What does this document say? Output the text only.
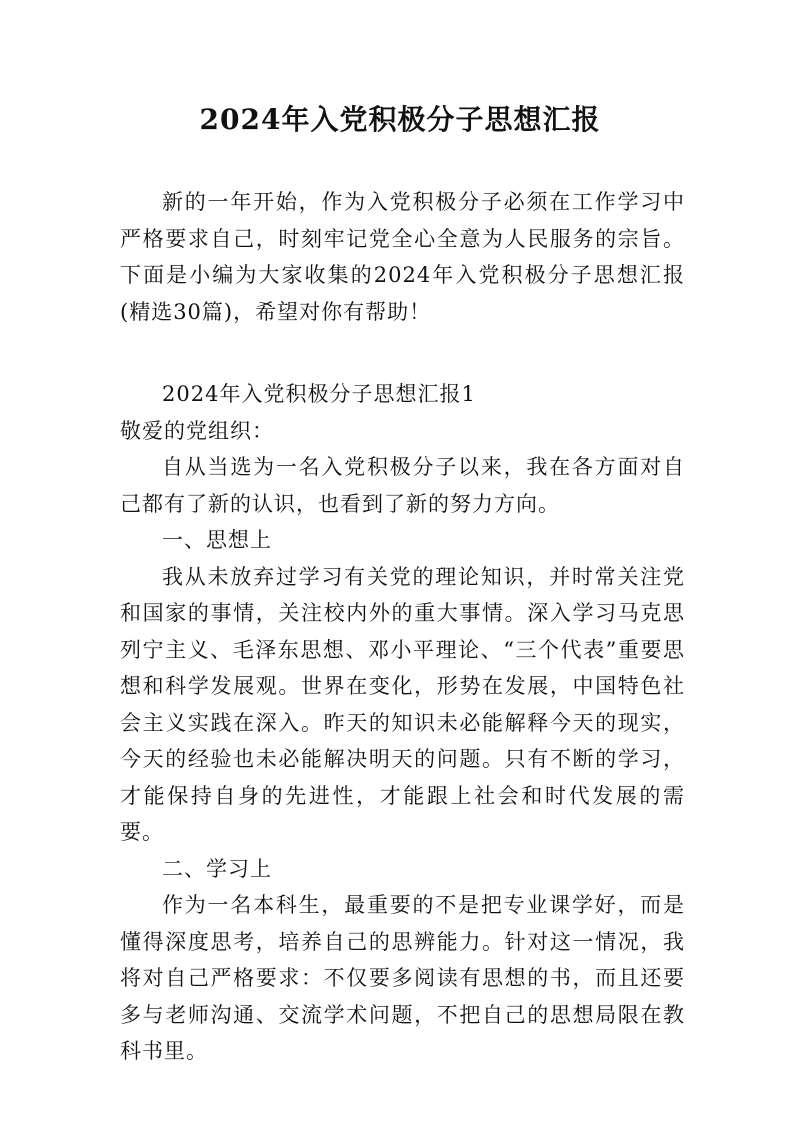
2024年入党积极分子思想汇报

新的一年开始，作为入党积极分子必须在工作学习中严格要求自己，时刻牢记党全心全意为人民服务的宗旨。下面是小编为大家收集的2024年入党积极分子思想汇报(精选30篇)，希望对你有帮助！

2024年入党积极分子思想汇报1

敬爱的党组织：

自从当选为一名入党积极分子以来，我在各方面对自己都有了新的认识，也看到了新的努力方向。

一、思想上

我从未放弃过学习有关党的理论知识，并时常关注党和国家的事情，关注校内外的重大事情。深入学习马克思列宁主义、毛泽东思想、邓小平理论、“三个代表”重要思想和科学发展观。世界在变化，形势在发展，中国特色社会主义实践在深入。昨天的知识未必能解释今天的现实，今天的经验也未必能解决明天的问题。只有不断的学习，才能保持自身的先进性，才能跟上社会和时代发展的需要。

二、学习上

作为一名本科生，最重要的不是把专业课学好，而是懂得深度思考，培养自己的思辨能力。针对这一情况，我将对自己严格要求：不仅要多阅读有思想的书，而且还要多与老师沟通、交流学术问题，不把自己的思想局限在教科书里。
